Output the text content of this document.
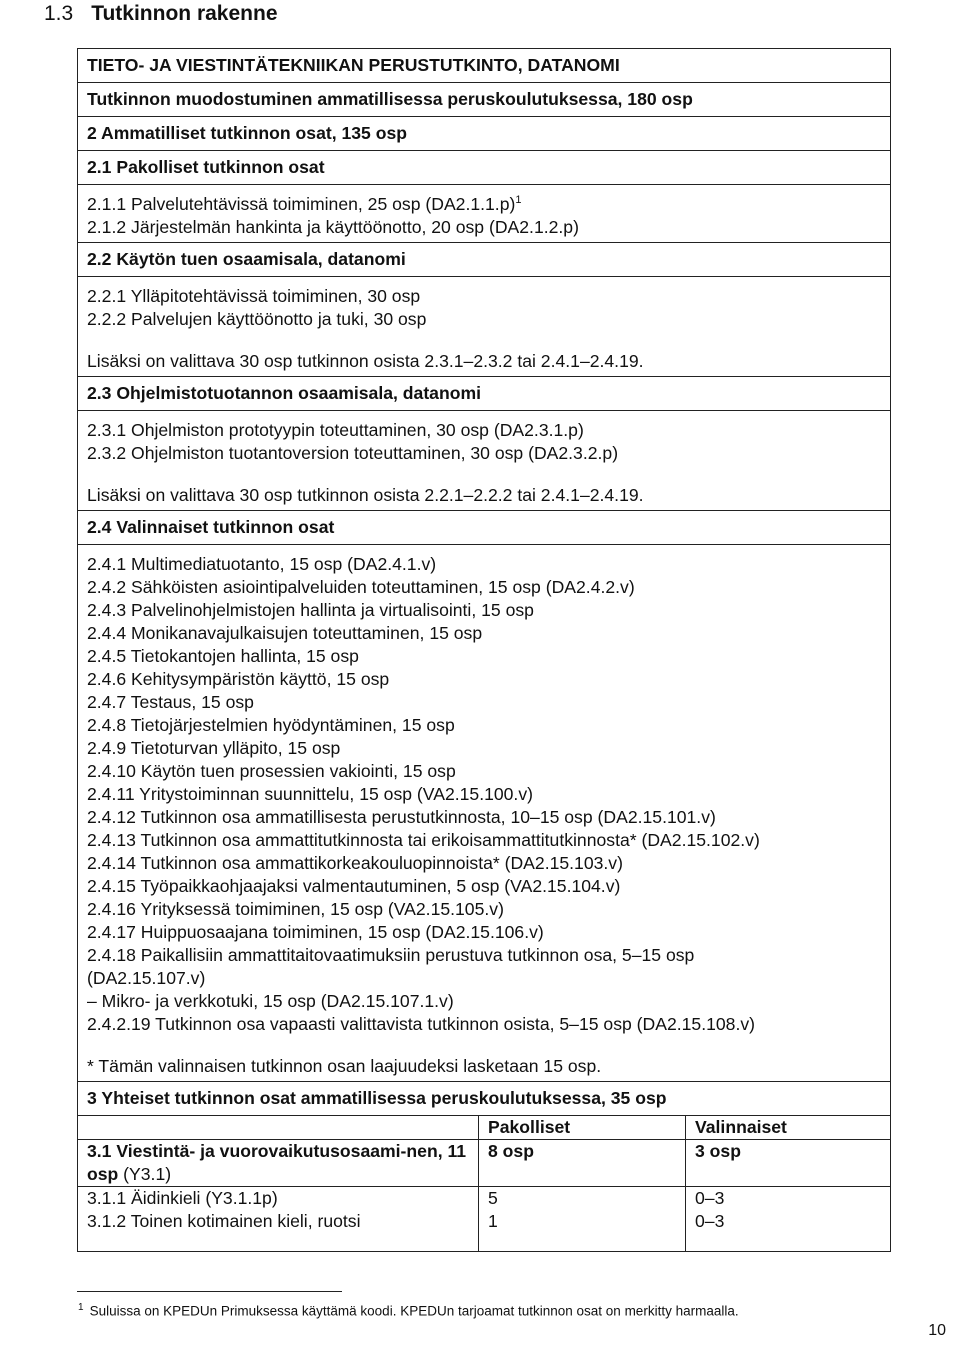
1.3 Tutkinnon rakenne
TIETO- JA VIESTINTÄTEKNIIKAN PERUSTUTKINTO, DATANOMI
Tutkinnon muodostuminen ammatillisessa peruskoulutuksessa, 180 osp
2 Ammatilliset tutkinnon osat, 135 osp
2.1 Pakolliset tutkinnon osat
2.1.1 Palvelutehtävissä toimiminen, 25 osp $(DA2.1.1.p)^1$
2.1.2 Järjestelmän hankinta ja käyttöönotto, 20 osp (DA2.1.2.p)
2.2 Käytön tuen osaamisala, datanomi
2.2.1 Ylläpitotehtävissä toimiminen, 30 osp
2.2.2 Palvelujen käyttöönotto ja tuki, 30 osp
Lisäksi on valittava 30 osp tutkinnon osista 2.3.1–2.3.2 tai 2.4.1–2.4.19.
2.3 Ohjelmistotuotannon osaamisala, datanomi
2.3.1 Ohjelmiston prototyypin toteuttaminen, 30 osp (DA2.3.1.p)
2.3.2 Ohjelmiston tuotantoversion toteuttaminen, 30 osp (DA2.3.2.p)
Lisäksi on valittava 30 osp tutkinnon osista 2.2.1–2.2.2 tai 2.4.1–2.4.19.
2.4 Valinnaiset tutkinnon osat
2.4.1 Multimediatuotanto, 15 osp (DA2.4.1.v)
2.4.2 Sähköisten asiointipalveluiden toteuttaminen, 15 osp (DA2.4.2.v)
2.4.3 Palvelinohjelmistojen hallinta ja virtualisointi, 15 osp
2.4.4 Monikanavajulkaisujen toteuttaminen, 15 osp
2.4.5 Tietokantojen hallinta, 15 osp
2.4.6 Kehitysympäristön käyttö, 15 osp
2.4.7 Testaus, 15 osp
2.4.8 Tietojärjestelmien hyödyntäminen, 15 osp
2.4.9 Tietoturvan ylläpito, 15 osp
2.4.10 Käytön tuen prosessien vakiointi, 15 osp
2.4.11 Yritystoiminnan suunnittelu, 15 osp (VA2.15.100.v)
2.4.12 Tutkinnon osa ammatillisesta perustutkinnosta, 10–15 osp (DA2.15.101.v)
2.4.13 Tutkinnon osa ammattitutkinnosta tai erikoisammattitutkinnosta* (DA2.15.102.v)
2.4.14 Tutkinnon osa ammattikorkeakouluopinnoista* (DA2.15.103.v)
2.4.15 Työpaikkaohjaajaksi valmentautuminen, 5 osp (VA2.15.104.v)
2.4.16 Yrityksessä toimiminen, 15 osp (VA2.15.105.v)
2.4.17 Huippuosaajana toimiminen, 15 osp (DA2.15.106.v)
2.4.18 Paikallisiin ammattitaitovaatimuksiin perustuva tutkinnon osa, 5–15 osp
(DA2.15.107.v)
– Mikro- ja verkkotuki, 15 osp (DA2.15.107.1.v)
2.4.2.19 Tutkinnon osa vapaasti valittavista tutkinnon osista, 5–15 osp (DA2.15.108.v)
* Tämän valinnaisen tutkinnon osan laajuudeksi lasketaan 15 osp.
3 Yhteiset tutkinnon osat ammatillisessa peruskoulutuksessa, 35 osp
	Pakolliset	Valinnaiset
3.1 Viestintä- ja vuorovaikutusosaami-nen, 11 osp (Y3.1)	8 osp	3 osp
3.1.1 Äidinkieli (Y3.1.1p)	5	0–3
3.1.2 Toinen kotimainen kieli, ruotsi	1	0–3
$^1$ Suluissa on KPEDUn Primuksessa käyttämä koodi. KPEDUn tarjoamat tutkinnon osat on merkitty harmaalla.
10
